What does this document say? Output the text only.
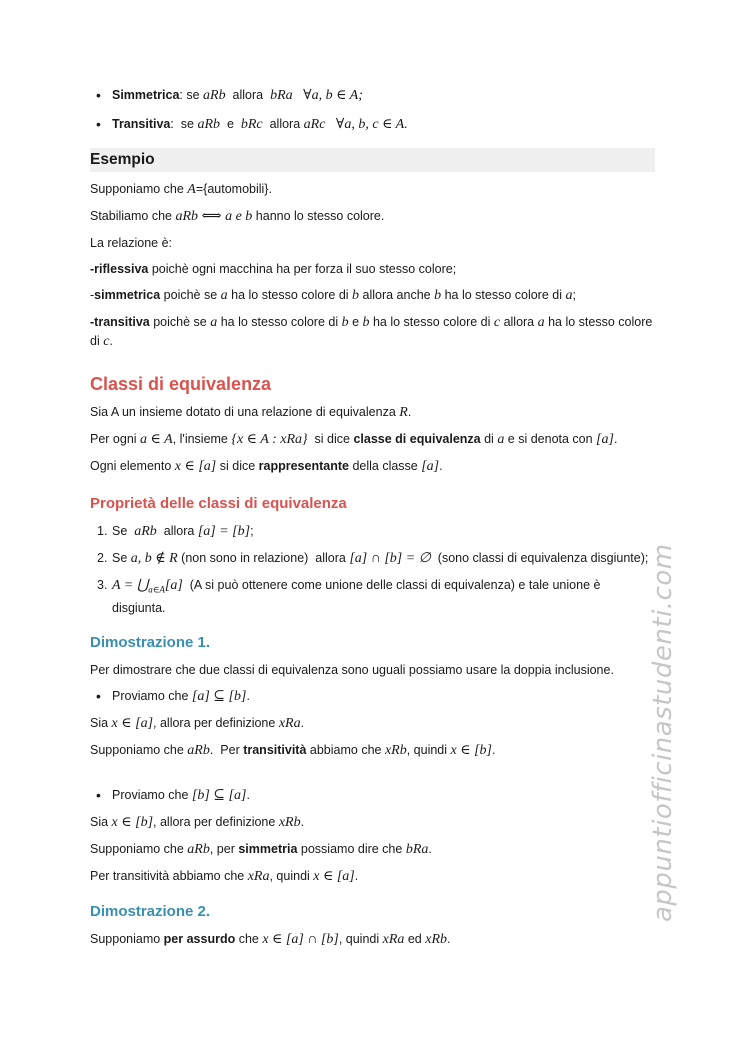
• Simmetrica: se aRb  allora  bRa   ∀a, b ∈ A;
• Transitiva:  se aRb  e  bRc  allora aRc   ∀a, b, c ∈ A.
Esempio

Supponiamo che A={automobili}.

Stabiliamo che aRb ⟺ a e b hanno lo stesso colore.

La relazione è:

-riflessiva poichè ogni macchina ha per forza il suo stesso colore;

-simmetrica poichè se a ha lo stesso colore di b allora anche b ha lo stesso colore di a;

-transitiva poichè se a ha lo stesso colore di b e b ha lo stesso colore di c allora a ha lo stesso colore di c.

Classi di equivalenza

Sia A un insieme dotato di una relazione di equivalenza R.

Per ogni a ∈ A, l'insieme {x ∈ A : xRa}  si dice classe di equivalenza di a e si denota con [a].

Ogni elemento x ∈ [a] si dice rappresentante della classe [a].

Proprietà delle classi di equivalenza
1. Se  aRb  allora [a] = [b];
2. Se a, b ∉ R (non sono in relazione)  allora [a] ∩ [b] = ∅  (sono classi di equivalenza disgiunte);
3. $A = ⋃_{a\in A}[a]$  (A si può ottenere come unione delle classi di equivalenza) e tale unione è disgiunta.
Dimostrazione 1.

Per dimostrare che due classi di equivalenza sono uguali possiamo usare la doppia inclusione.

• Proviamo che [a] ⊆ [b].

Sia x ∈ [a], allora per definizione xRa.

Supponiamo che aRb.  Per transitività abbiamo che xRb, quindi x ∈ [b].

• Proviamo che [b] ⊆ [a].

Sia x ∈ [b], allora per definizione xRb.

Supponiamo che aRb, per simmetria possiamo dire che bRa.

Per transitività abbiamo che xRa, quindi x ∈ [a].

Dimostrazione 2.

Supponiamo per assurdo che x ∈ [a] ∩ [b], quindi xRa ed xRb.

appuntiofficinastudenti.com
